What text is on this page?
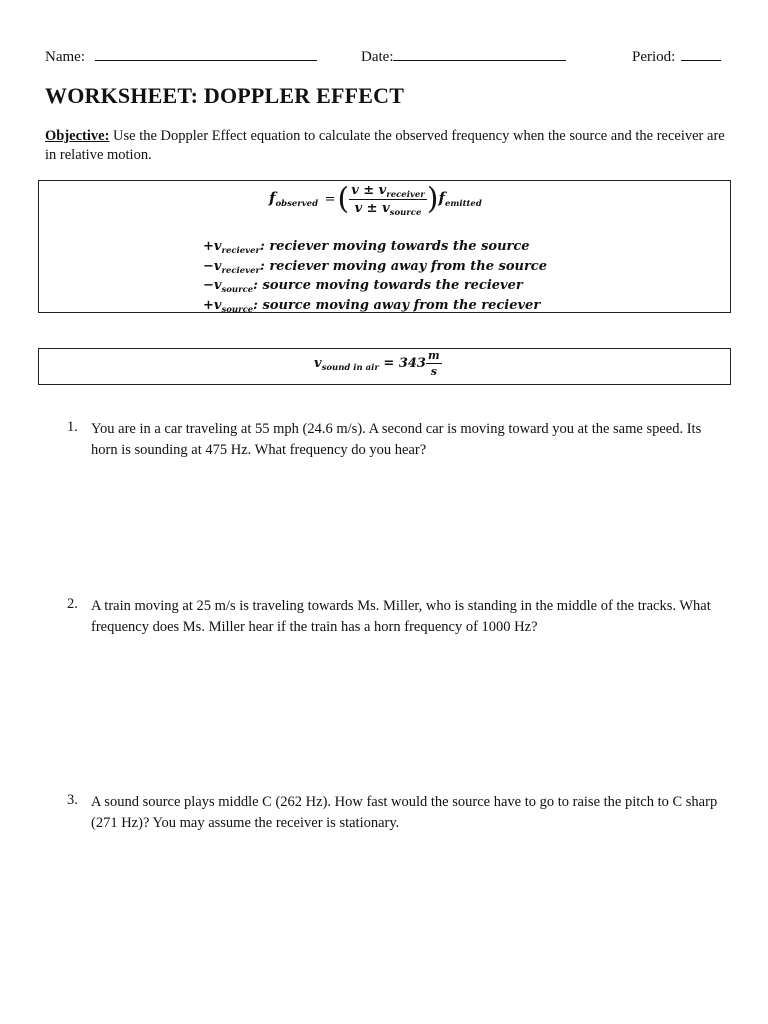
Name:	Date:	Period:
WORKSHEET: DOPPLER EFFECT
Objective: Use the Doppler Effect equation to calculate the observed frequency when the source and the receiver are in relative motion.
$f_{observed}$ =( $\frac{v \pm v_{receiver}}{v \pm v_{source}} )f_{emitted}$
$+v_{reciever}$: reciever moving towards the source
$-v_{reciever}$: reciever moving away from the source
$-v_{source}$: source moving towards the reciever
$+v_{source}$: source moving away from the reciever
$v_{sound in air} = 343 \frac{m}{s}$
1. You are in a car traveling at 55 mph (24.6 m/s). A second car is moving toward you at the same speed. Its horn is sounding at 475 Hz. What frequency do you hear?
2. A train moving at 25 m/s is traveling towards Ms. Miller, who is standing in the middle of the tracks. What frequency does Ms. Miller hear if the train has a horn frequency of 1000 Hz?
3. A sound source plays middle C (262 Hz). How fast would the source have to go to raise the pitch to C sharp (271 Hz)? You may assume the receiver is stationary.
